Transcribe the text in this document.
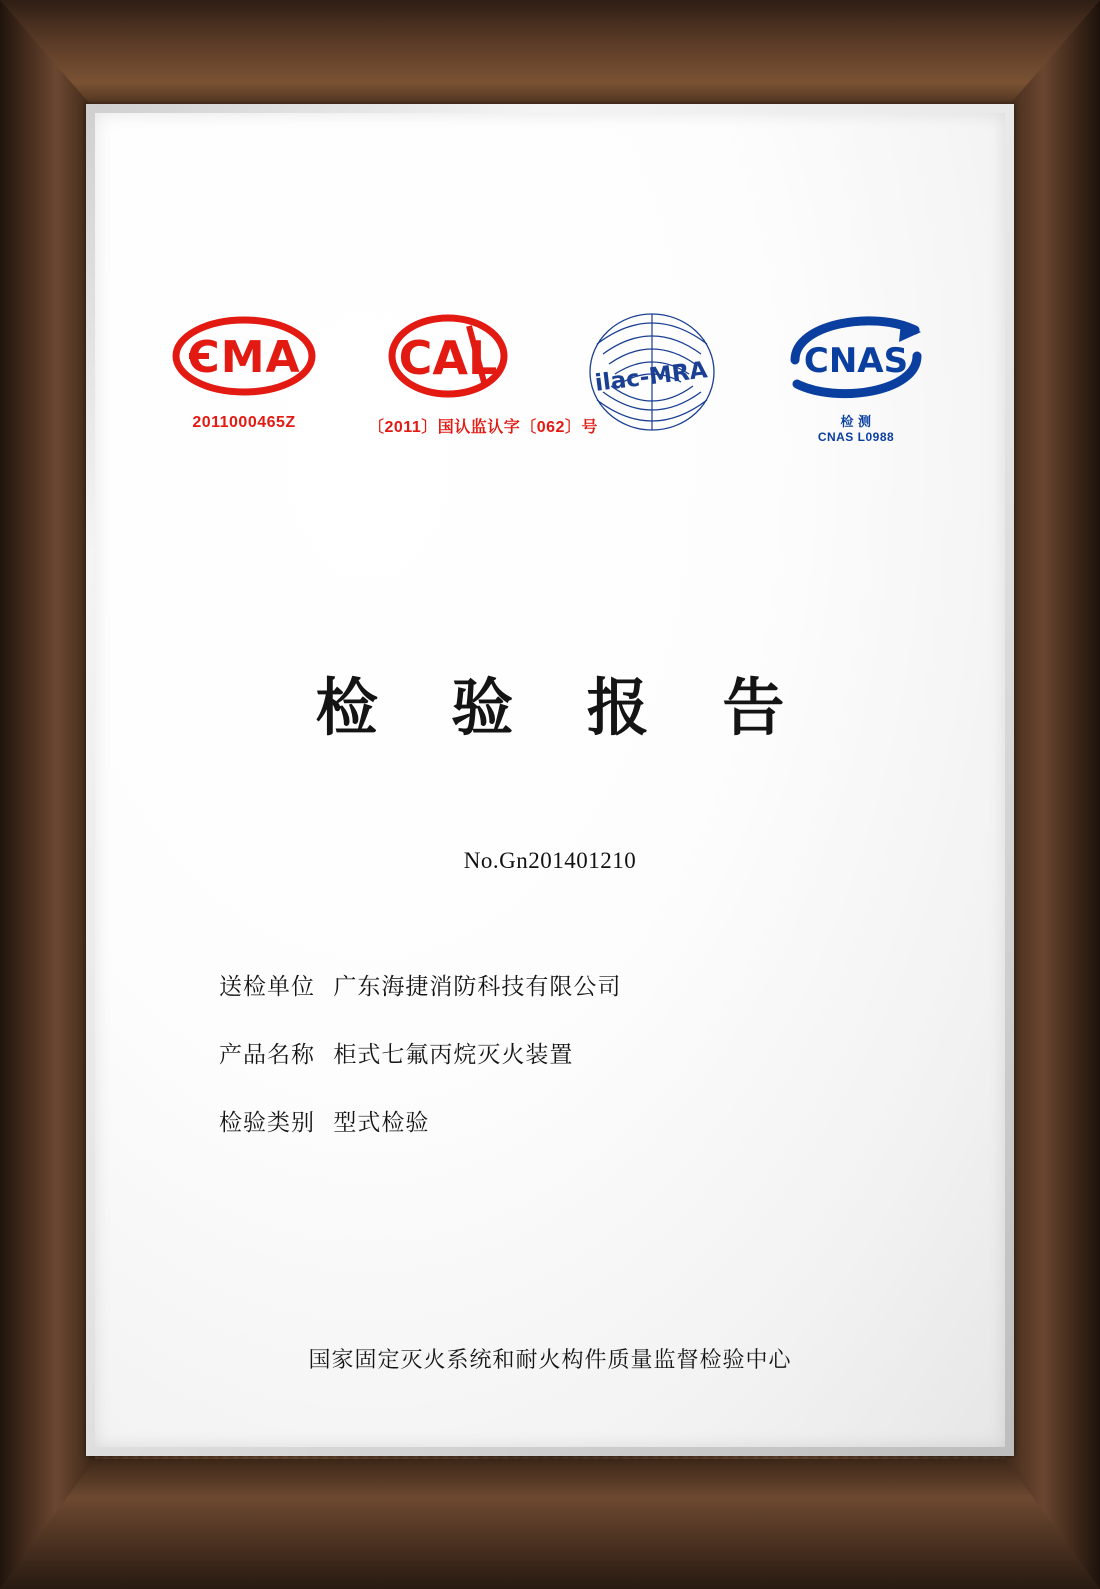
CMA
2011000465Z
CAL
〔2011〕国认监认字〔062〕号
ilac-MRA	CNAS
检 测
CNAS L0988
检 验 报 告
No.Gn201401210
送检单位 广东海捷消防科技有限公司
产品名称 柜式七氟丙烷灭火装置
检验类别 型式检验
国家固定灭火系统和耐火构件质量监督检验中心
